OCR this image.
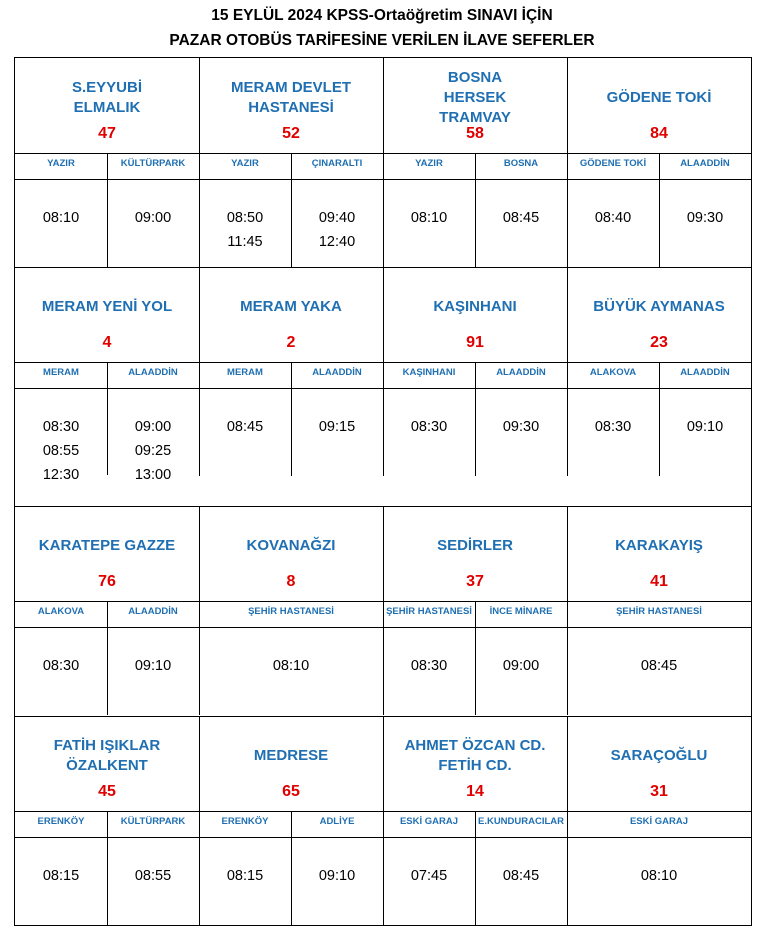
15 EYLÜL 2024 KPSS-Ortaöğretim SINAVI İÇİN
PAZAR OTOBÜS TARİFESİNE VERİLEN İLAVE SEFERLER
S.EYYUBİ
ELMALIK
47
YAZIR
08:10
KÜLTÜRPARK
09:00
MERAM DEVLET
HASTANESİ
52
YAZIR
08:50
11:45
ÇINARALTI
09:40
12:40
BOSNA
HERSEK
TRAMVAY
58
YAZIR
08:10
BOSNA
08:45
GÖDENE TOKİ
84
GÖDENE TOKİ
08:40
ALAADDİN
09:30
MERAM YENİ YOL
4
MERAM
08:30
08:55
12:30
ALAADDİN
09:00
09:25
13:00
MERAM YAKA
2
MERAM
08:45
ALAADDİN
09:15
KAŞINHANI
91
KAŞINHANI
08:30
ALAADDİN
09:30
BÜYÜK AYMANAS
23
ALAKOVA
08:30
ALAADDİN
09:10
KARATEPE GAZZE
76
ALAKOVA
08:30
ALAADDİN
09:10
KOVANAĞZI
8
ŞEHİR HASTANESİ
08:10
SEDİRLER
37
ŞEHİR HASTANESİ
08:30
İNCE MİNARE
09:00
KARAKAYIŞ
41
ŞEHİR HASTANESİ
08:45
FATİH IŞIKLAR
ÖZALKENT
45
ERENKÖY
08:15
KÜLTÜRPARK
08:55
MEDRESE
65
ERENKÖY
08:15
ADLİYE
09:10
AHMET ÖZCAN CD.
FETİH CD.
14
ESKİ GARAJ
07:45
E.KUNDURACILAR
08:45
SARAÇOĞLU
31
ESKİ GARAJ
08:10
